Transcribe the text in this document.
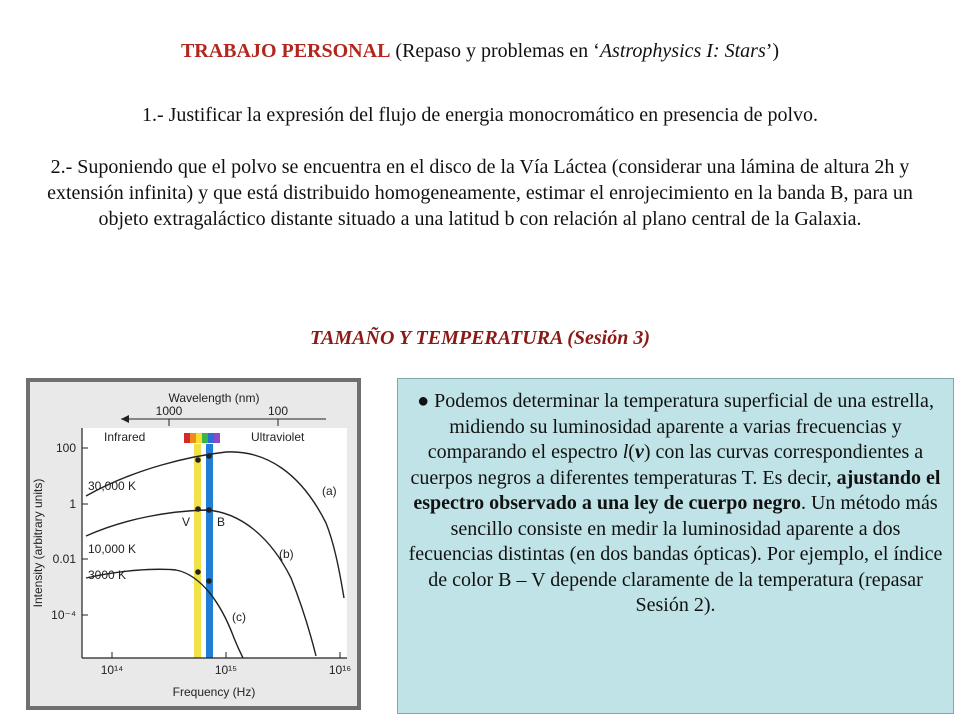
TRABAJO PERSONAL (Repaso y problemas en ‘Astrophysics I: Stars’)
1.- Justificar la expresión del flujo de energia monocromático en presencia de polvo.
2.- Suponiendo que el polvo se encuentra en el disco de la Vía Láctea (considerar una lámina de altura 2h y extensión infinita) y que está distribuido homogeneamente, estimar el enrojecimiento en la banda B, para un objeto extragaláctico distante situado a una latitud b con relación al plano central de la Galaxia.
TAMAÑO Y TEMPERATURA (Sesión 3)
Wavelength (nm)
1000	100
Infrared	Ultraviolet
30,000 K
10,000 K
3000 K
(a)
(b)
(c)
V B
100
1
0.01
10⁻⁴
10¹⁴	10¹⁵	10¹⁶
Frequency (Hz)
Intensity (arbitrary units)
● Podemos determinar la temperatura superficial de una estrella, midiendo su luminosidad aparente a varias frecuencias y comparando el espectro l(ν) con las curvas correspondientes a cuerpos negros a diferentes temperaturas T. Es decir, ajustando el espectro observado a una ley de cuerpo negro. Un método más sencillo consiste en medir la luminosidad aparente a dos fecuencias distintas (en dos bandas ópticas). Por ejemplo, el índice de color B – V depende claramente de la temperatura (repasar Sesión 2).
